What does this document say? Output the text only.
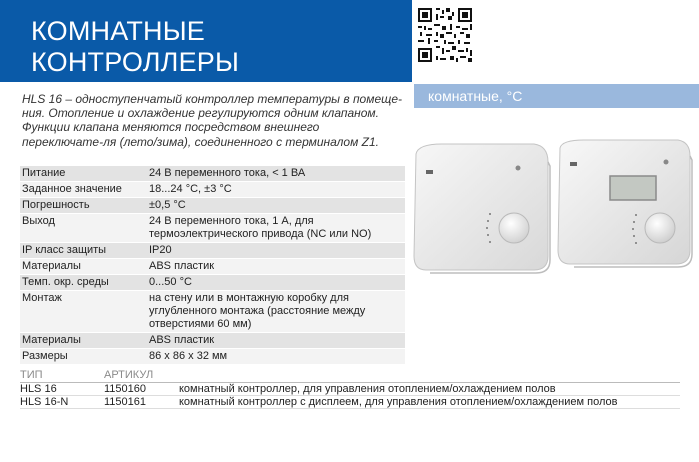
КОМНАТНЫЕ КОНТРОЛЛЕРЫ
комнатные, °C
HLS 16 – одноступенчатый контроллер температуры в помеще-ния. Отопление и охлаждение регулируются одним клапаном. Функции клапана меняются посредством внешнего переключате-ля (лето/зима), соединенного с терминалом Z1.
Питание	24 В переменного тока, < 1 ВА
Заданное значение	18...24 °C, ±3 °C
Погрешность	±0,5 °C
Выход	24 В переменного тока, 1 А, для термоэлектрического привода (NC или NO)
IP класс защиты	IP20
Материалы	ABS пластик
Темп. окр. среды	0...50 °C
Монтаж	на стену или в монтажную коробку для углубленного монтажа (расстояние между отверстиями 60 мм)
Материалы	ABS пластик
Размеры	86 х 86 х 32 мм
ТИП	АРТИКУЛ
HLS 16	1150160	комнатный контроллер, для управления отоплением/охлаждением полов
HLS 16-N	1150161	комнатный контроллер с дисплеем, для управления отоплением/охлаждением полов
